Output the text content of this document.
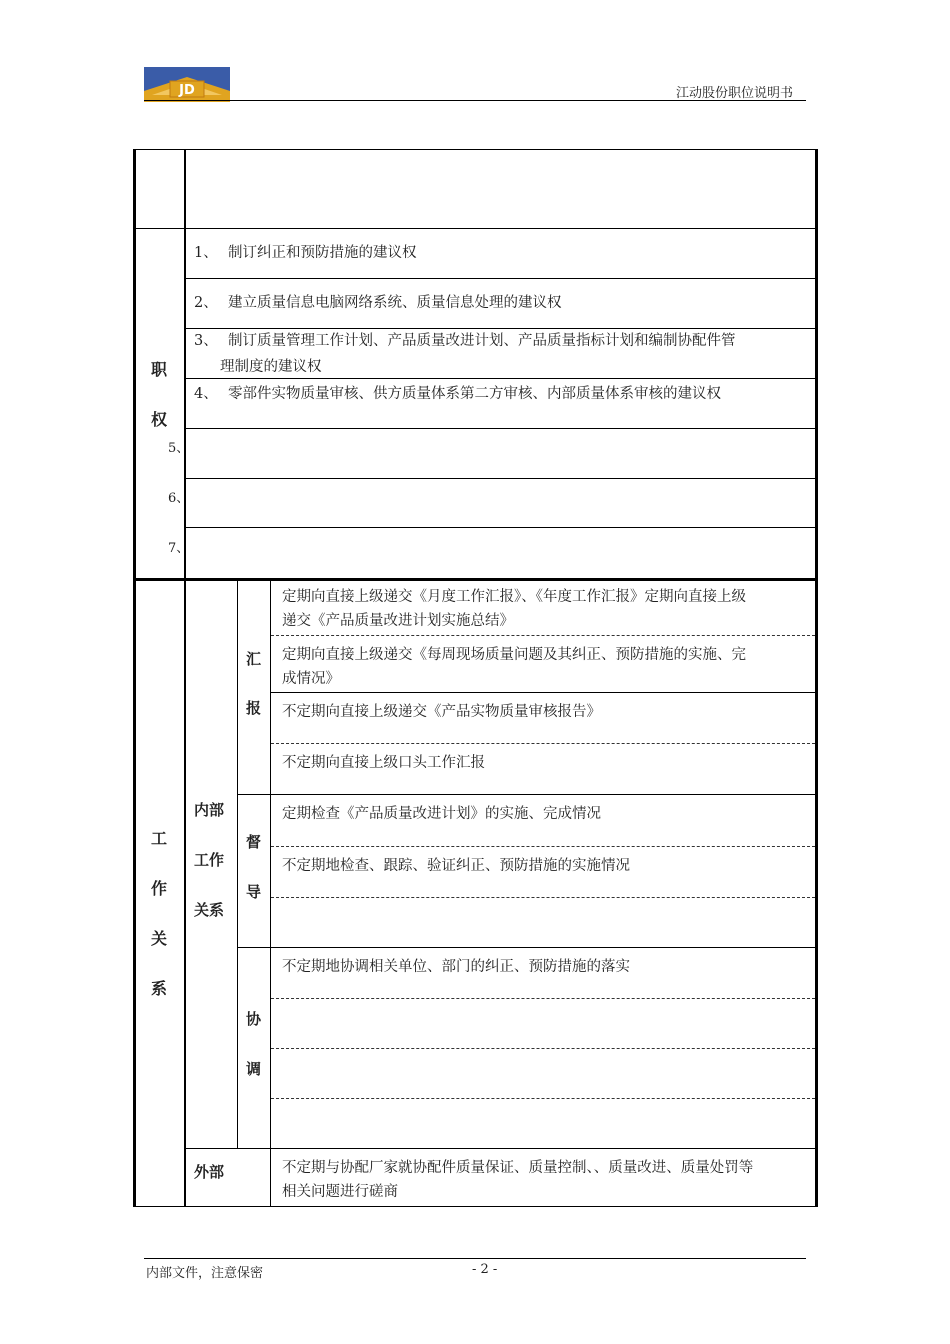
JD	江动股份职位说明书
职
权
1、 制订纠正和预防措施的建议权
2、 建立质量信息电脑网络系统、质量信息处理的建议权
3、 制订质量管理工作计划、产品质量改进计划、产品质量指标计划和编制协配件管
理制度的建议权
4、 零部件实物质量审核、供方质量体系第二方审核、内部质量体系审核的建议权
5、
6、
7、
工
作
关
系
内部
工作
关系
汇
报
督
导
协
调
外部
定期向直接上级递交《月度工作汇报》、《年度工作汇报》定期向直接上级
递交《产品质量改进计划实施总结》
定期向直接上级递交《每周现场质量问题及其纠正、预防措施的实施、完
成情况》
不定期向直接上级递交《产品实物质量审核报告》
不定期向直接上级口头工作汇报
定期检查《产品质量改进计划》的实施、完成情况
不定期地检查、跟踪、验证纠正、预防措施的实施情况
不定期地协调相关单位、部门的纠正、预防措施的落实
不定期与协配厂家就协配件质量保证、质量控制、、质量改进、质量处罚等
相关问题进行磋商
内部文件，注意保密	- 2 -
